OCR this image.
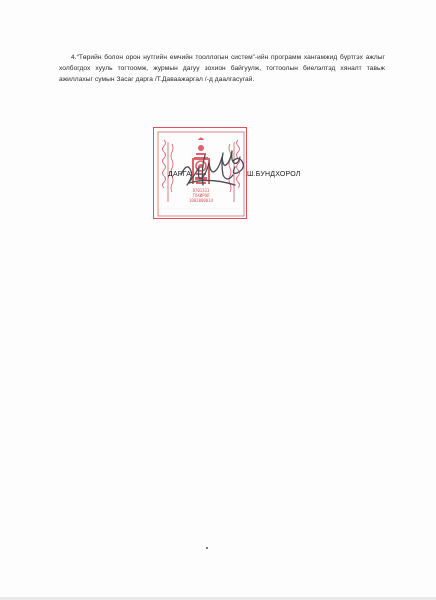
4.“Төрийн болон орон нутгийн емчийн тооллогын систем”-ийн программ хангамжид бүртгэх ажлыг холбогдох хууль тогтоомж, журмын дагуу зохион байгуулж, тогтоолын биелэлтэд хяналт тавьж ажиллахыг сумын Засаг дарга /Т.Даваажаргал /-д даалгасугай.

8701313
ТОХИРОЛ
1002000014
ДАРГА	Ш.БУНДХОРОЛ
